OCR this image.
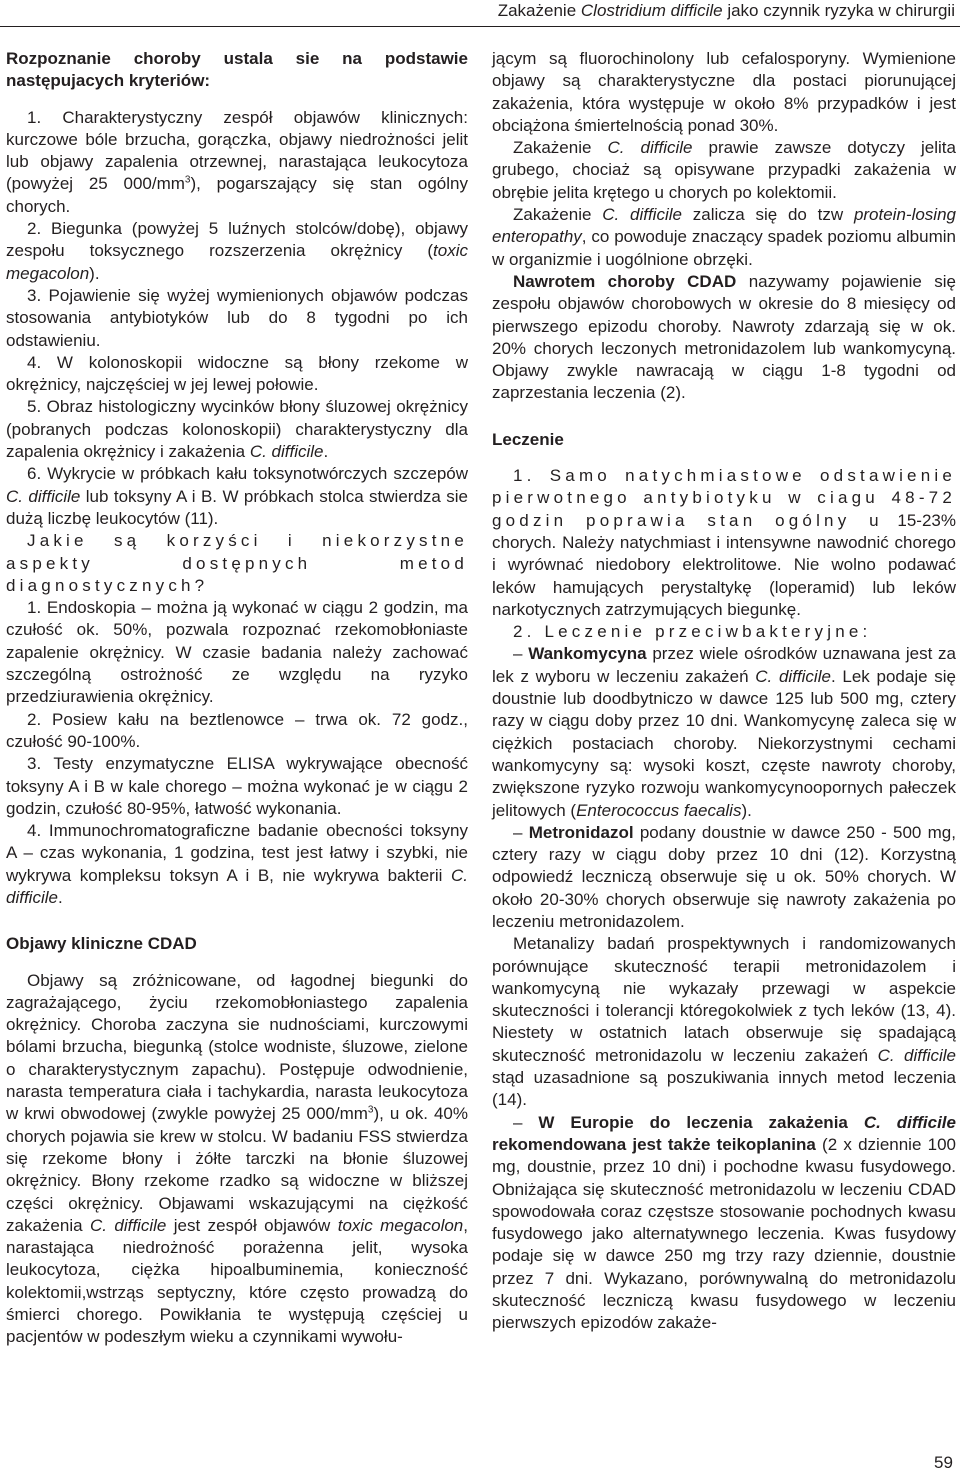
Zakażenie Clostridium difficile jako czynnik ryzyka w chirurgii

Rozpoznanie choroby ustala sie na podstawie następujacych kryteriów:

1. Charakterystyczny zespół objawów klinicznych: kurczowe bóle brzucha, gorączka, objawy niedrożności jelit lub objawy zapalenia otrzewnej, narastająca leukocytoza (powyżej 25 $000/mm^3$), pogarszający się stan ogólny chorych.

2. Biegunka (powyżej 5 luźnych stolców/dobę), objawy zespołu toksycznego rozszerzenia okrężnicy (toxic megacolon).

3. Pojawienie się wyżej wymienionych objawów podczas stosowania antybiotyków lub do 8 tygodni po ich odstawieniu.

4. W kolonoskopii widoczne są błony rzekome w okrężnicy, najczęściej w jej lewej połowie.

5. Obraz histologiczny wycinków błony śluzowej okrężnicy (pobranych podczas kolonoskopii) charakterystyczny dla zapalenia okrężnicy i zakażenia C. difficile.

6. Wykrycie w próbkach kału toksynotwórczych szczepów C. difficile lub toksyny A i B. W próbkach stolca stwierdza sie dużą liczbę leukocytów (11).

Jakie są korzyści i niekorzystne aspekty dostępnych metod diagnostycznych?

1. Endoskopia – można ją wykonać w ciągu 2 godzin, ma czułość ok. 50%, pozwala rozpoznać rzekomobłoniaste zapalenie okrężnicy. W czasie badania należy zachować szczególną ostrożność ze względu na ryzyko przedziurawienia okrężnicy.

2. Posiew kału na beztlenowce – trwa ok. 72 godz., czułość 90-100%.

3. Testy enzymatyczne ELISA wykrywające obecność toksyny A i B w kale chorego – można wykonać je w ciągu 2 godzin, czułość 80-95%, łatwość wykonania.

4. Immunochromatograficzne badanie obecności toksyny A – czas wykonania, 1 godzina, test jest łatwy i szybki, nie wykrywa kompleksu toksyn A i B, nie wykrywa bakterii C. difficile.

Objawy kliniczne CDAD

Objawy są zróżnicowane, od łagodnej biegunki do zagrażającego, życiu rzekomobłoniastego zapalenia okrężnicy. Choroba zaczyna sie nudnościami, kurczowymi bólami brzucha, biegunką (stolce wodniste, śluzowe, zielone o charakterystycznym zapachu). Postępuje odwodnienie, narasta temperatura ciała i tachykardia, narasta leukocytoza w krwi obwodowej (zwykle powyżej 25 $000/mm^3$), u ok. 40% chorych pojawia sie krew w stolcu. W badaniu FSS stwierdza się rzekome błony i żółte tarczki na błonie śluzowej okrężnicy. Błony rzekome rzadko są widoczne w bliższej części okrężnicy. Objawami wskazującymi na ciężkość zakażenia C. difficile jest zespół objawów toxic megacolon, narastająca niedrożność porażenna jelit, wysoka leukocytoza, ciężka hipoalbuminemia, konieczność kolektomii,wstrząs septyczny, które często prowadzą do śmierci chorego. Powikłania te występują częściej u pacjentów w podeszłym wieku a czynnikami wywołu-

jącym są fluorochinolony lub cefalosporyny. Wymienione objawy są charakterystyczne dla postaci piorunującej zakażenia, która występuje w około 8% przypadków i jest obciążona śmiertelnością ponad 30%.

Zakażenie C. difficile prawie zawsze dotyczy jelita grubego, chociaż są opisywane przypadki zakażenia w obrębie jelita krętego u chorych po kolektomii.

Zakażenie C. difficile zalicza się do tzw protein-losing enteropathy, co powoduje znaczący spadek poziomu albumin w organizmie i uogólnione obrzęki.

Nawrotem choroby CDAD nazywamy pojawienie się zespołu objawów chorobowych w okresie do 8 miesięcy od pierwszego epizodu choroby. Nawroty zdarzają się w ok. 20% chorych leczonych metronidazolem lub wankomycyną. Objawy zwykle nawracają w ciągu 1-8 tygodni od zaprzestania leczenia (2).

Leczenie

1. Samo natychmiastowe odstawienie pierwotnego antybiotyku w ciagu 48-72 godzin poprawia stan ogólny u 15-23% chorych. Należy natychmiast i intensywne nawodnić chorego i wyrównać niedobory elektrolitowe. Nie wolno podawać leków hamujących perystaltykę (loperamid) lub leków narkotycznych zatrzymujących biegunkę.

2. Leczenie przeciwbakteryjne:

– Wankomycyna przez wiele ośrodków uznawana jest za lek z wyboru w leczeniu zakażeń C. difficile. Lek podaje się doustnie lub doodbytniczo w dawce 125 lub 500 mg, cztery razy w ciągu doby przez 10 dni. Wankomycynę zaleca się w ciężkich postaciach choroby. Niekorzystnymi cechami wankomycyny są: wysoki koszt, częste nawroty choroby, zwiększone ryzyko rozwoju wankomycynoopornych pałeczek jelitowych (Enterococcus faecalis).

– Metronidazol podany doustnie w dawce 250 - 500 mg, cztery razy w ciągu doby przez 10 dni (12). Korzystną odpowiedź leczniczą obserwuje się u ok. 50% chorych. W około 20-30% chorych obserwuje się nawroty zakażenia po leczeniu metronidazolem.

Metanalizy badań prospektywnych i randomizowanych porównujące skuteczność terapii metronidazolem i wankomycyną nie wykazały przewagi w aspekcie skuteczności i tolerancji któregokolwiek z tych leków (13, 4). Niestety w ostatnich latach obserwuje się spadającą skuteczność metronidazolu w leczeniu zakażeń C. difficile stąd uzasadnione są poszukiwania innych metod leczenia (14).

– W Europie do leczenia zakażenia C. difficile rekomendowana jest także teikoplanina (2 x dziennie 100 mg, doustnie, przez 10 dni) i pochodne kwasu fusydowego. Obniżająca się skuteczność metronidazolu w leczeniu CDAD spowodowała coraz częstsze stosowanie pochodnych kwasu fusydowego jako alternatywnego leczenia. Kwas fusydowy podaje się w dawce 250 mg trzy razy dziennie, doustnie przez 7 dni. Wykazano, porównywalną do metronidazolu skuteczność leczniczą kwasu fusydowego w leczeniu pierwszych epizodów zakaże-

59
